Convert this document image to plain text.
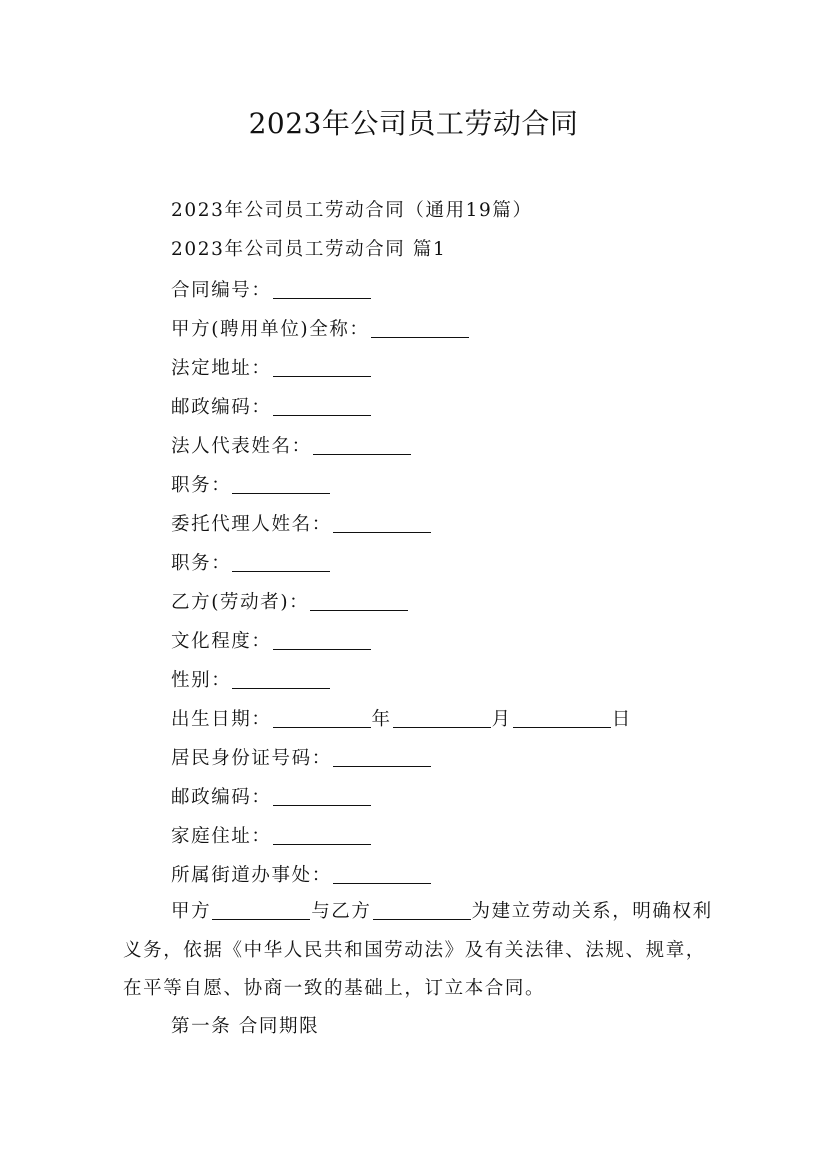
2023年公司员工劳动合同
2023年公司员工劳动合同（通用19篇）
2023年公司员工劳动合同 篇1
合同编号：
甲方(聘用单位)全称：
法定地址：
邮政编码：
法人代表姓名：
职务：
委托代理人姓名：
职务：
乙方(劳动者)：
文化程度：
性别：
出生日期：	年	月	日
居民身份证号码：
邮政编码：
家庭住址：
所属街道办事处：
甲方	与乙方	为建立劳动关系，明确权利义务，依据《中华人民共和国劳动法》及有关法律、法规、规章，在平等自愿、协商一致的基础上，订立本合同。
第一条 合同期限
